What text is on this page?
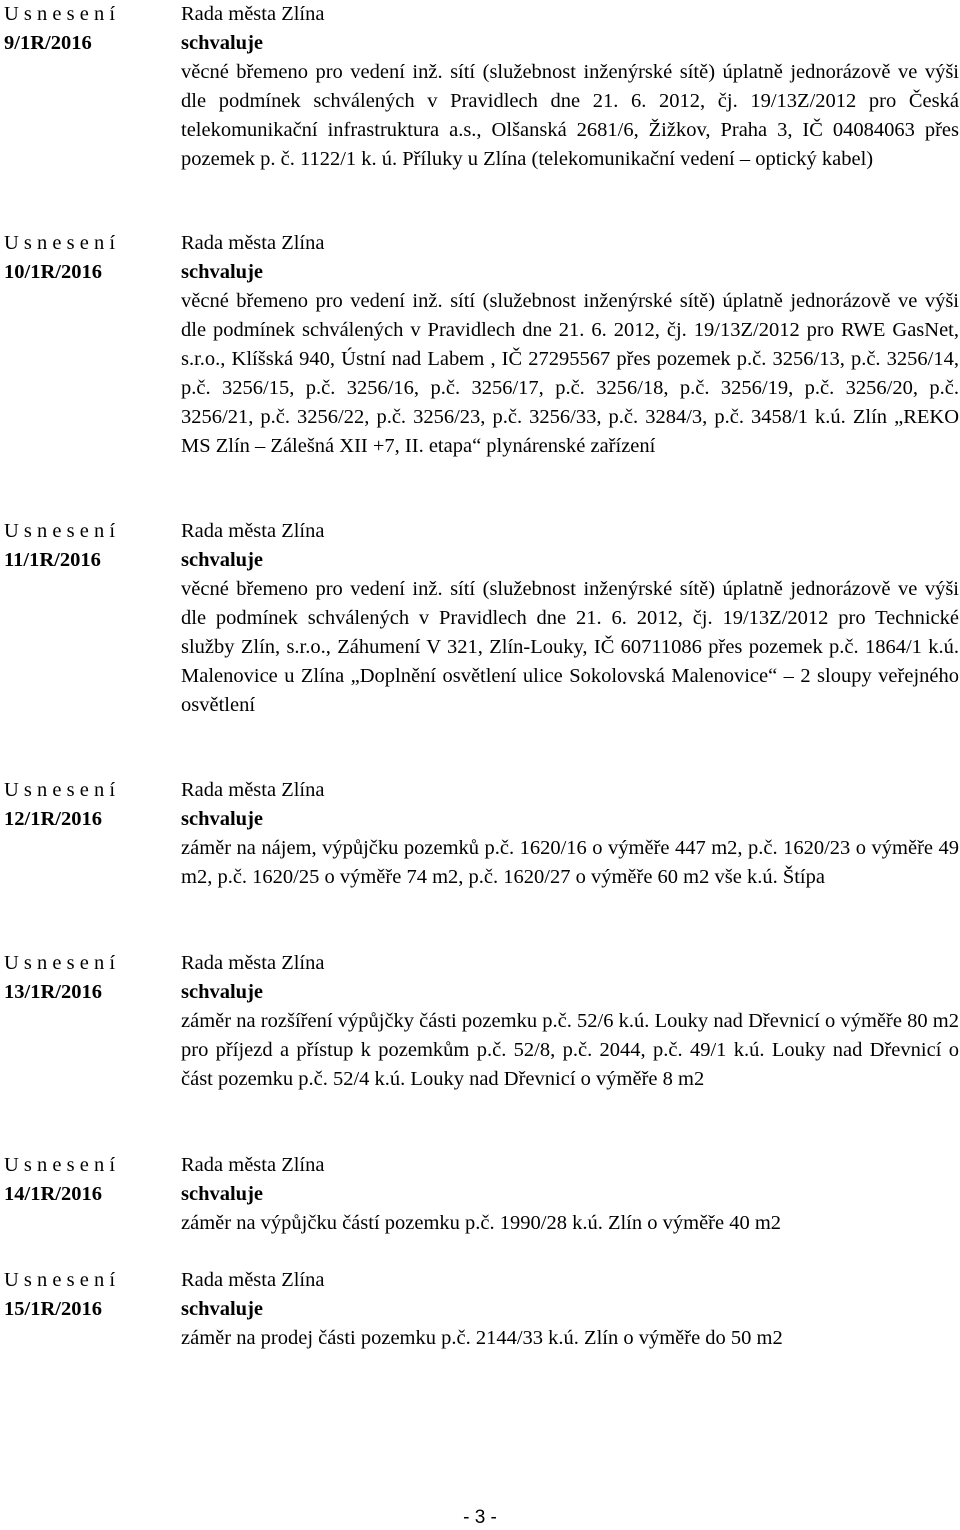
U s n e s e n í
9/1R/2016
Rada města Zlína
schvaluje
věcné břemeno pro vedení inž. sítí (služebnost inženýrské sítě) úplatně jednorázově ve výši dle podmínek schválených v Pravidlech dne 21. 6. 2012, čj. 19/13Z/2012 pro Česká telekomunikační infrastruktura a.s., Olšanská 2681/6, Žižkov, Praha 3, IČ 04084063 přes pozemek p. č. 1122/1 k. ú. Příluky u Zlína (telekomunikační vedení – optický kabel)
U s n e s e n í
10/1R/2016
Rada města Zlína
schvaluje
věcné břemeno pro vedení inž. sítí (služebnost inženýrské sítě) úplatně jednorázově ve výši dle podmínek schválených v Pravidlech dne 21. 6. 2012, čj. 19/13Z/2012 pro RWE GasNet, s.r.o., Klíšská 940, Ústní nad Labem , IČ 27295567 přes pozemek p.č. 3256/13, p.č. 3256/14, p.č. 3256/15, p.č. 3256/16, p.č. 3256/17, p.č. 3256/18, p.č. 3256/19, p.č. 3256/20, p.č. 3256/21, p.č. 3256/22, p.č. 3256/23, p.č. 3256/33, p.č. 3284/3, p.č. 3458/1 k.ú. Zlín „REKO MS Zlín – Zálešná XII +7, II. etapa“ plynárenské zařízení
U s n e s e n í
11/1R/2016
Rada města Zlína
schvaluje
věcné břemeno pro vedení inž. sítí (služebnost inženýrské sítě) úplatně jednorázově ve výši dle podmínek schválených v Pravidlech dne 21. 6. 2012, čj. 19/13Z/2012 pro Technické služby Zlín, s.r.o., Záhumení V 321, Zlín-Louky, IČ 60711086 přes pozemek p.č. 1864/1 k.ú. Malenovice u Zlína „Doplnění osvětlení ulice Sokolovská Malenovice“ – 2 sloupy veřejného osvětlení
U s n e s e n í
12/1R/2016
Rada města Zlína
schvaluje
záměr na nájem, výpůjčku pozemků p.č. 1620/16 o výměře 447 m2, p.č. 1620/23 o výměře 49 m2, p.č. 1620/25 o výměře 74 m2, p.č. 1620/27 o výměře 60 m2 vše k.ú. Štípa
U s n e s e n í
13/1R/2016
Rada města Zlína
schvaluje
záměr na rozšíření výpůjčky části pozemku p.č. 52/6 k.ú. Louky nad Dřevnicí o výměře 80 m2 pro příjezd a přístup k pozemkům p.č. 52/8, p.č. 2044, p.č. 49/1 k.ú. Louky nad Dřevnicí o část pozemku p.č. 52/4 k.ú. Louky nad Dřevnicí o výměře 8 m2
U s n e s e n í
14/1R/2016
Rada města Zlína
schvaluje
záměr na výpůjčku částí pozemku p.č. 1990/28 k.ú. Zlín o výměře 40 m2
U s n e s e n í
15/1R/2016
Rada města Zlína
schvaluje
záměr na prodej části pozemku p.č. 2144/33 k.ú. Zlín o výměře do 50 m2
- 3 -
